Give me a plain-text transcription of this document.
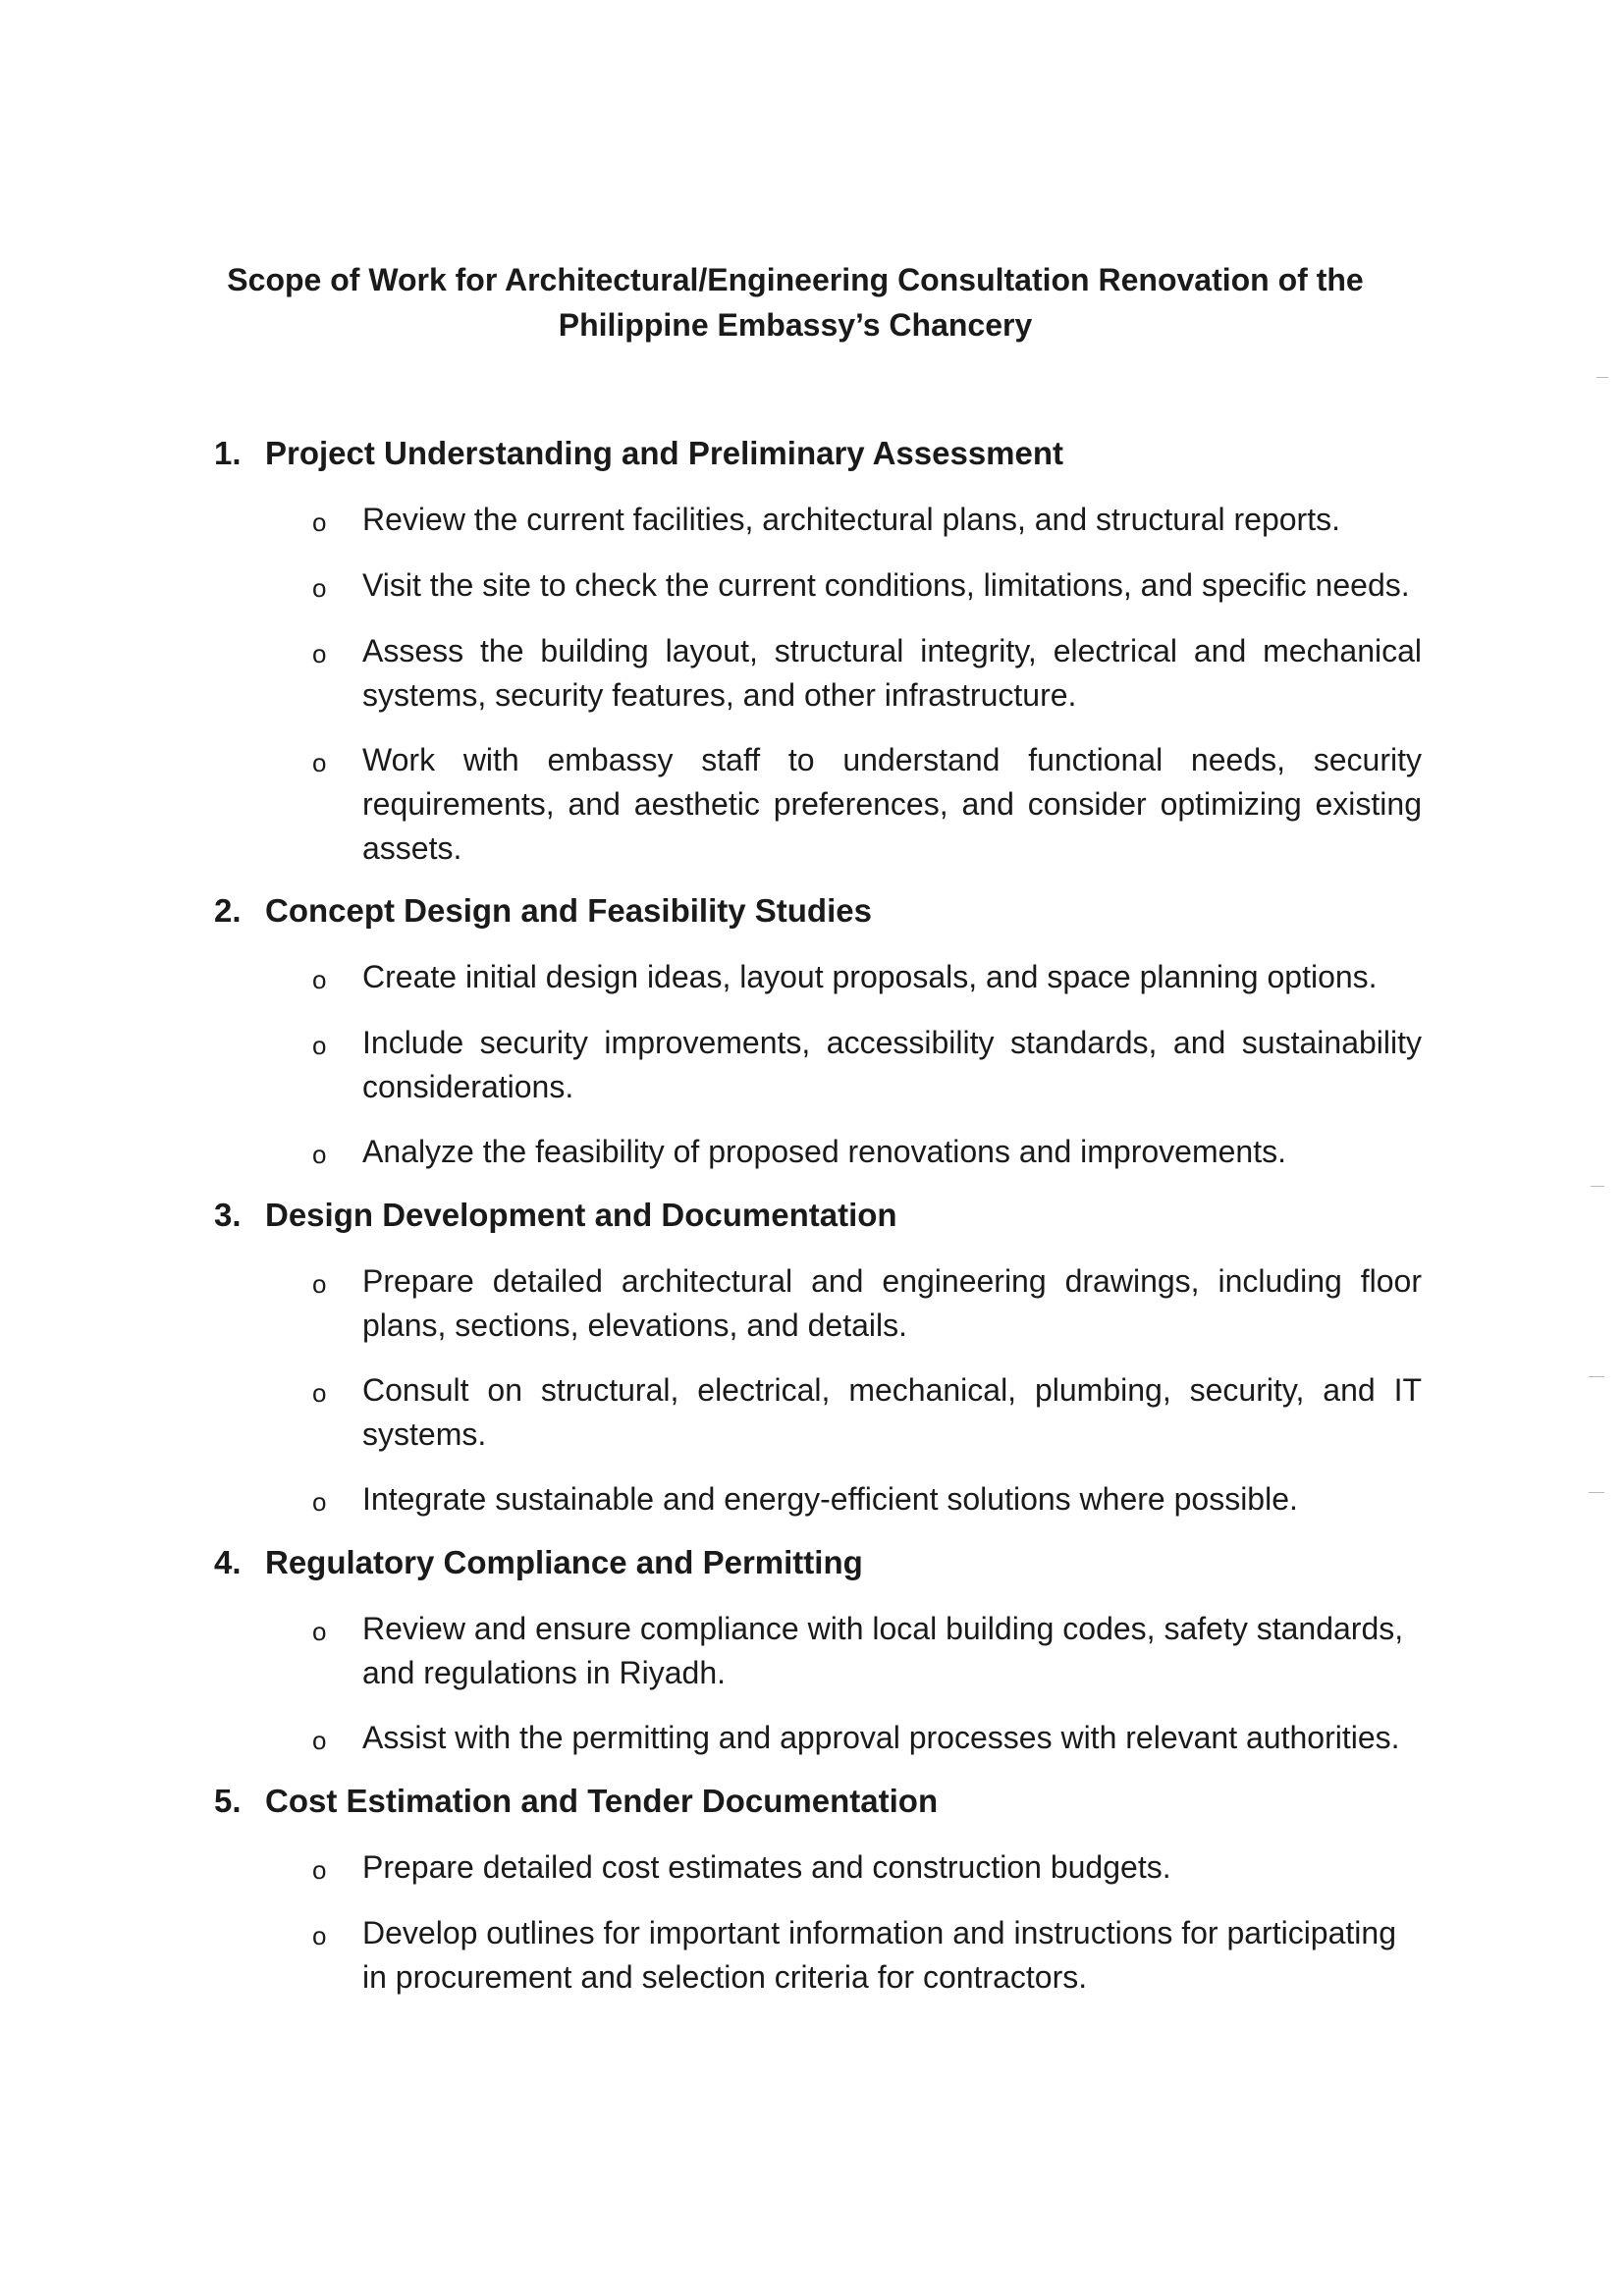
Scope of Work for Architectural/Engineering Consultation Renovation of the
Philippine Embassy’s Chancery
1. Project Understanding and Preliminary Assessment

o Review the current facilities, architectural plans, and structural reports.

o Visit the site to check the current conditions, limitations, and specific needs.

o Assess the building layout, structural integrity, electrical and mechanical systems, security features, and other infrastructure.

o Work with embassy staff to understand functional needs, security requirements, and aesthetic preferences, and consider optimizing existing assets.

2. Concept Design and Feasibility Studies

o Create initial design ideas, layout proposals, and space planning options.

o Include security improvements, accessibility standards, and sustainability considerations.

o Analyze the feasibility of proposed renovations and improvements.

3. Design Development and Documentation

o Prepare detailed architectural and engineering drawings, including floor plans, sections, elevations, and details.

o Consult on structural, electrical, mechanical, plumbing, security, and IT systems.

o Integrate sustainable and energy-efficient solutions where possible.

4. Regulatory Compliance and Permitting

o Review and ensure compliance with local building codes, safety standards, and regulations in Riyadh.

o Assist with the permitting and approval processes with relevant authorities.

5. Cost Estimation and Tender Documentation

o Prepare detailed cost estimates and construction budgets.

o Develop outlines for important information and instructions for participating in procurement and selection criteria for contractors.
